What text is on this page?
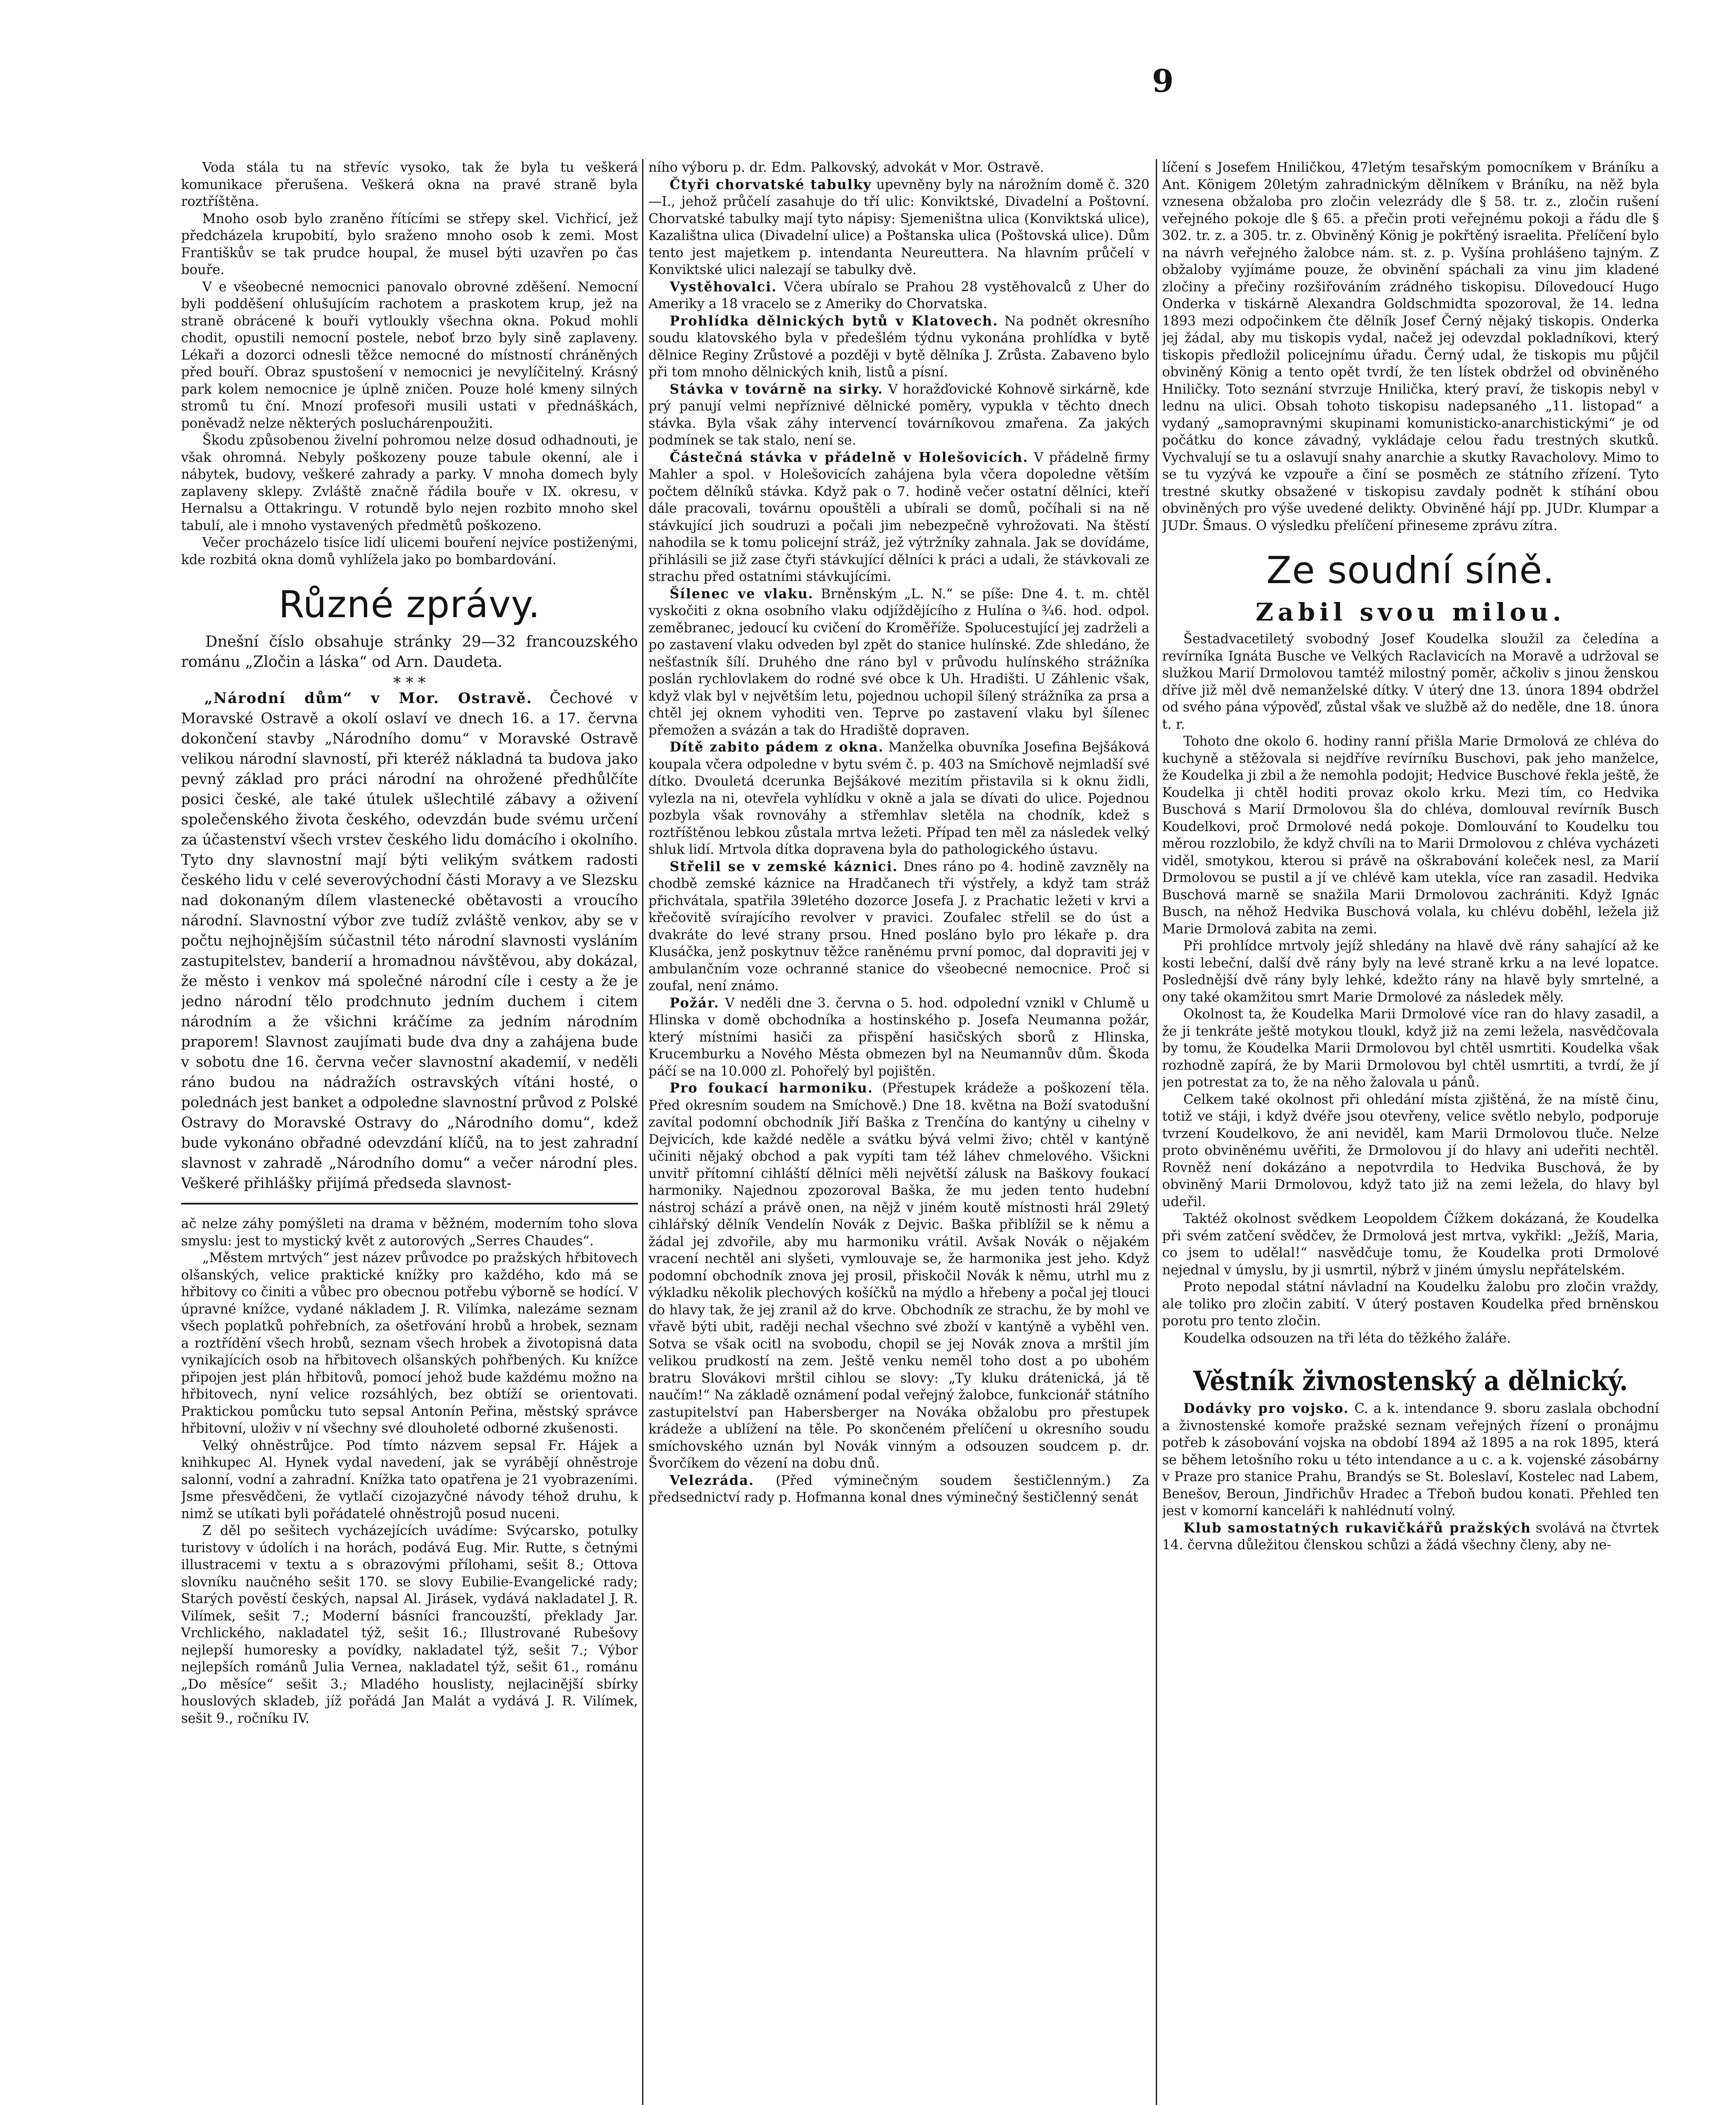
9

Voda stála tu na střevíc vysoko, tak že byla tu veškerá komunikace přerušena. Veškerá okna na pravé straně byla roztříštěna.

Mnoho osob bylo zraněno řítícími se střepy skel. Vichřicí, jež předcházela krupobití, bylo sraženo mnoho osob k zemi. Most Františkův se tak prudce houpal, že musel býti uzavřen po čas bouře.

V e všeobecné nemocnici panovalo obrovné zděšení. Nemocní byli podděšení ohlušujícím rachotem a praskotem krup, jež na straně obrácené k bouři vytloukly všechna okna. Pokud mohli chodit, opustili nemocní postele, neboť brzo byly sině zaplaveny. Lékaři a dozorci odnesli těžce nemocné do místností chráněných před bouří. Obraz spustošení v nemocnici je nevylíčitelný. Krásný park kolem nemocnice je úplně zničen. Pouze holé kmeny silných stromů tu ční. Mnozí profesoři musili ustati v přednáškách, poněvadž nelze některých posluchárenpoužiti.

Škodu způsobenou živelní pohromou nelze dosud odhadnouti, je však ohromná. Nebyly poškozeny pouze tabule okenní, ale i nábytek, budovy, veškeré zahrady a parky. V mnoha domech byly zaplaveny sklepy. Zvláště značně řádila bouře v IX. okresu, v Hernalsu a Ottakringu. V rotundě bylo nejen rozbito mnoho skel tabulí, ale i mnoho vystavených předmětů poškozeno.

Večer procházelo tisíce lidí ulicemi bouření nejvíce postiženými, kde rozbitá okna domů vyhlížela jako po bombardování.

Různé zprávy.

Dnešní číslo obsahuje stránky 29—32 francouzského románu „Zločin a láska“ od Arn. Daudeta.

* * *

„Národní dům“ v Mor. Ostravě. Čechové v Moravské Ostravě a okolí oslaví ve dnech 16. a 17. června dokončení stavby „Národního domu“ v Moravské Ostravě velikou národní slavností, při kteréž nákladná ta budova jako pevný základ pro práci národní na ohrožené předhůlčíte posici české, ale také útulek ušlechtilé zábavy a oživení společenského života českého, odevzdán bude svému určení za účastenství všech vrstev českého lidu domácího i okolního. Tyto dny slavnostní mají býti velikým svátkem radosti českého lidu v celé severovýchodní části Moravy a ve Slezsku nad dokonaným dílem vlastenecké obětavosti a vroucího národní. Slavnostní výbor zve tudíž zvláště venkov, aby se v počtu nejhojnějším súčastnil této národní slavnosti vysláním zastupitelstev, banderií a hromadnou návštěvou, aby dokázal, že město i venkov má společné národní cíle i cesty a že je jedno národní tělo prodchnuto jedním duchem i citem národním a že všichni kráčíme za jedním národním praporem! Slavnost zaujímati bude dva dny a zahájena bude v sobotu dne 16. června večer slavnostní akademií, v neděli ráno budou na nádražích ostravských vítáni hosté, o polednách jest banket a odpoledne slavnostní průvod z Polské Ostravy do Moravské Ostravy do „Národního domu“, kdež bude vykonáno obřadné odevzdání klíčů, na to jest zahradní slavnost v zahradě „Národního domu“ a večer národní ples. Veškeré přihlášky přijímá předseda slavnost-

ač nelze záhy pomýšleti na drama v běžném, moderním toho slova smyslu: jest to mystický květ z autorových „Serres Chaudes“.

„Městem mrtvých“ jest název průvodce po pražských hřbitovech olšanských, velice praktické knížky pro každého, kdo má se hřbitovy co činiti a vůbec pro obecnou potřebu výborně se hodící. V úpravné knížce, vydané nákladem J. R. Vilímka, nalezáme seznam všech poplatků pohřebních, za ošetřování hrobů a hrobek, seznam a roztřídění všech hrobů, seznam všech hrobek a životopisná data vynikajících osob na hřbitovech olšanských pohřbených. Ku knížce připojen jest plán hřbitovů, pomocí jehož bude každému možno na hřbitovech, nyní velice rozsáhlých, bez obtíží se orientovati. Praktickou pomůcku tuto sepsal Antonín Peřina, městský správce hřbitovní, uloživ v ní všechny své dlouholeté odborné zkušenosti.

Velký ohněstrůjce. Pod tímto názvem sepsal Fr. Hájek a knihkupec Al. Hynek vydal navedení, jak se vyrábějí ohněstroje salonní, vodní a zahradní. Knížka tato opatřena je 21 vyobrazeními. Jsme přesvědčeni, že vytlačí cizojazyčné návody téhož druhu, k nimž se utíkati byli pořádatelé ohněstrojů posud nuceni.

Z děl po sešitech vycházejících uvádíme: Svýcarsko, potulky turistovy v údolích i na horách, podává Eug. Mir. Rutte, s četnými illustracemi v textu a s obrazovými přílohami, sešit 8.; Ottova slovníku naučného sešit 170. se slovy Eubilie-Evangelické rady; Starých pověstí českých, napsal Al. Jirásek, vydává nakladatel J. R. Vilímek, sešit 7.; Moderní básníci francouzští, překlady Jar. Vrchlického, nakladatel týž, sešit 16.; Illustrované Rubešovy nejlepší humoresky a povídky, nakladatel týž, sešit 7.; Výbor nejlepších románů Julia Vernea, nakladatel týž, sešit 61., románu „Do měsíce“ sešit 3.; Mladého houslisty, nejlacinější sbírky houslových skladeb, jíž pořádá Jan Malát a vydává J. R. Vilímek, sešit 9., ročníku IV.

ního výboru p. dr. Edm. Palkovský, advokát v Mor. Ostravě.

Čtyři chorvatské tabulky upevněny byly na nárožním domě č. 320—I., jehož průčelí zasahuje do tří ulic: Konviktské, Divadelní a Poštovní. Chorvatské tabulky mají tyto nápisy: Sjemeništna ulica (Konviktská ulice), Kazalištna ulica (Divadelní ulice) a Poštanska ulica (Poštovská ulice). Dům tento jest majetkem p. intendanta Neureuttera. Na hlavním průčelí v Konviktské ulici nalezají se tabulky dvě.

Vystěhovalci. Včera ubíralo se Prahou 28 vystěhovalců z Uher do Ameriky a 18 vracelo se z Ameriky do Chorvatska.

Prohlídka dělnických bytů v Klatovech. Na podnět okresního soudu klatovského byla v předešlém týdnu vykonána prohlídka v bytě dělnice Reginy Zrůstové a později v bytě dělníka J. Zrůsta. Zabaveno bylo při tom mnoho dělnických knih, listů a písní.

Stávka v továrně na sirky. V horažďovické Kohnově sirkárně, kde prý panují velmi nepříznivé dělnické poměry, vypukla v těchto dnech stávka. Byla však záhy intervencí továrníkovou zmařena. Za jakých podmínek se tak stalo, není se.

Částečná stávka v přádelně v Holešovicích. V přádelně firmy Mahler a spol. v Holešovicích zahájena byla včera dopoledne větším počtem dělníků stávka. Když pak o 7. hodině večer ostatní dělníci, kteří dále pracovali, továrnu opouštěli a ubírali se domů, počíhali si na ně stávkující jich soudruzi a počali jim nebezpečně vyhrožovati. Na štěstí nahodila se k tomu policejní stráž, jež výtržníky zahnala. Jak se dovídáme, přihlásili se již zase čtyři stávkující dělníci k práci a udali, že stávkovali ze strachu před ostatními stávkujícími.

Šílenec ve vlaku. Brněnským „L. N.“ se píše: Dne 4. t. m. chtěl vyskočiti z okna osobního vlaku odjíždějícího z Hulína o ¾6. hod. odpol. zeměbranec, jedoucí ku cvičení do Kroměříže. Spolucestující jej zadrželi a po zastavení vlaku odveden byl zpět do stanice hulínské. Zde shledáno, že nešťastník šílí. Druhého dne ráno byl v průvodu hulínského strážníka poslán rychlovlakem do rodné své obce k Uh. Hradišti. U Záhlenic však, když vlak byl v největším letu, pojednou uchopil šílený strážníka za prsa a chtěl jej oknem vyhoditi ven. Teprve po zastavení vlaku byl šílenec přemožen a svázán a tak do Hradiště dopraven.

Dítě zabito pádem z okna. Manželka obuvníka Josefina Bejšáková koupala včera odpoledne v bytu svém č. p. 403 na Smíchově nejmladší své dítko. Dvouletá dcerunka Bejšákové mezitím přistavila si k oknu židli, vylezla na ni, otevřela vyhlídku v okně a jala se dívati do ulice. Pojednou pozbyla však rovnováhy a střemhlav sletěla na chodník, kdež s roztříštěnou lebkou zůstala mrtva ležeti. Případ ten měl za následek velký shluk lidí. Mrtvola dítka dopravena byla do pathologického ústavu.

Střelil se v zemské káznici. Dnes ráno po 4. hodině zavzněly na chodbě zemské káznice na Hradčanech tři výstřely, a když tam stráž přichvátala, spatřila 39letého dozorce Josefa J. z Prachatic ležeti v krvi a křečovitě svírajícího revolver v pravici. Zoufalec střelil se do úst a dvakráte do levé strany prsou. Hned posláno bylo pro lékaře p. dra Klusáčka, jenž poskytnuv těžce raněnému první pomoc, dal dopraviti jej v ambulančním voze ochranné stanice do všeobecné nemocnice. Proč si zoufal, není známo.

Požár. V neděli dne 3. června o 5. hod. odpolední vznikl v Chlumě u Hlinska v domě obchodníka a hostinského p. Josefa Neumanna požár, který místními hasiči za přispění hasičských sborů z Hlinska, Krucemburku a Nového Města obmezen byl na Neumannův dům. Škoda páčí se na 10.000 zl. Pohořelý byl pojištěn.

Pro foukací harmoniku. (Přestupek krádeže a poškození těla. Před okresním soudem na Smíchově.) Dne 18. května na Boží svatodušní zavítal podomní obchodník Jiří Baška z Trenčína do kantýny u cihelny v Dejvicích, kde každé neděle a svátku bývá velmi živo; chtěl v kantýně učiniti nějaký obchod a pak vypíti tam též láhev chmelového. Všickni unvitř přítomní cihláští dělníci měli největší zálusk na Baškovy foukací harmoniky. Najednou zpozoroval Baška, že mu jeden tento hudební nástroj schází a právě onen, na nějž v jiném koutě místnosti hrál 29letý cihlářský dělník Vendelín Novák z Dejvic. Baška přiblížil se k němu a žádal jej zdvořile, aby mu harmoniku vrátil. Avšak Novák o nějakém vracení nechtěl ani slyšeti, vymlouvaje se, že harmonika jest jeho. Když podomní obchodník znova jej prosil, přiskočil Novák k němu, utrhl mu z výkladku několik plechových košíčků na mýdlo a hřebeny a počal jej tlouci do hlavy tak, že jej zranil až do krve. Obchodník ze strachu, že by mohl ve vřavě býti ubit, raději nechal všechno své zboží v kantýně a vyběhl ven. Sotva se však ocitl na svobodu, chopil se jej Novák znova a mrštil jím velikou prudkostí na zem. Ještě venku neměl toho dost a po ubohém bratru Slovákovi mrštil cihlou se slovy: „Ty kluku drátenická, já tě naučím!“ Na základě oznámení podal veřejný žalobce, funkcionář státního zastupitelství pan Habersberger na Nováka obžalobu pro přestupek krádeže a ublížení na těle. Po skončeném přelíčení u okresního soudu smíchovského uznán byl Novák vinným a odsouzen soudcem p. dr. Švorčíkem do vězení na dobu dnů.

Velezráda. (Před výminečným soudem šestičlenným.) Za předsednictví rady p. Hofmanna konal dnes výminečný šestičlenný senát

líčení s Josefem Hniličkou, 47letým tesařským pomocníkem v Bráníku a Ant. Königem 20letým zahradnickým dělníkem v Bráníku, na něž byla vznesena obžaloba pro zločin velezrády dle § 58. tr. z., zločin rušení veřejného pokoje dle § 65. a přečin proti veřejnému pokoji a řádu dle § 302. tr. z. a 305. tr. z. Obviněný König je pokřtěný israelita. Přelíčení bylo na návrh veřejného žalobce nám. st. z. p. Vyšína prohlášeno tajným. Z obžaloby vyjímáme pouze, že obvinění spáchali za vinu jim kladené zločiny a přečiny rozšiřováním zrádného tiskopisu. Dílovedoucí Hugo Onderka v tiskárně Alexandra Goldschmidta spozoroval, že 14. ledna 1893 mezi odpočinkem čte dělník Josef Černý nějaký tiskopis. Onderka jej žádal, aby mu tiskopis vydal, načež jej odevzdal pokladníkovi, který tiskopis předložil policejnímu úřadu. Černý udal, že tiskopis mu půjčil obviněný König a tento opět tvrdí, že ten lístek obdržel od obviněného Hniličky. Toto seznání stvrzuje Hnilička, který praví, že tiskopis nebyl v lednu na ulici. Obsah tohoto tiskopisu nadepsaného „11. listopad“ a vydaný „samopravnými skupinami komunisticko-anarchistickými“ je od počátku do konce závadný, vykládaje celou řadu trestných skutků. Vychvalují se tu a oslavují snahy anarchie a skutky Ravacholovy. Mimo to se tu vyzývá ke vzpouře a činí se posměch ze státního zřízení. Tyto trestné skutky obsažené v tiskopisu zavdaly podnět k stíhání obou obviněných pro výše uvedené delikty. Obviněné hájí pp. JUDr. Klumpar a JUDr. Šmaus. O výsledku přelíčení přineseme zprávu zítra.

Ze soudní síně.
Zabil svou milou.

Šestadvacetiletý svobodný Josef Koudelka sloužil za čeledína a revírníka Ignáta Busche ve Velkých Raclavicích na Moravě a udržoval se služkou Marií Drmolovou tamtéž milostný poměr, ačkoliv s jinou ženskou dříve již měl dvě nemanželské dítky. V úterý dne 13. února 1894 obdržel od svého pána výpověď, zůstal však ve službě až do neděle, dne 18. února t. r.

Tohoto dne okolo 6. hodiny ranní přišla Marie Drmolová ze chléva do kuchyně a stěžovala si nejdříve revírníku Buschovi, pak jeho manželce, že Koudelka ji zbil a že nemohla podojit; Hedvice Buschové řekla ještě, že Koudelka ji chtěl hoditi provaz okolo krku. Mezi tím, co Hedvika Buschová s Marií Drmolovou šla do chléva, domlouval revírník Busch Koudelkovi, proč Drmolové nedá pokoje. Domlouvání to Koudelku tou měrou rozzlobilo, že když chvíli na to Marii Drmolovou z chléva vycházeti viděl, smotykou, kterou si právě na oškrabování koleček nesl, za Marií Drmolovou se pustil a jí ve chlévě kam utekla, více ran zasadil. Hedvika Buschová marně se snažila Marii Drmolovou zachrániti. Když Ignác Busch, na něhož Hedvika Buschová volala, ku chlévu doběhl, ležela již Marie Drmolová zabita na zemi.

Při prohlídce mrtvoly jejíž shledány na hlavě dvě rány sahající až ke kosti lebeční, další dvě rány byly na levé straně krku a na levé lopatce. Poslednější dvě rány byly lehké, kdežto rány na hlavě byly smrtelné, a ony také okamžitou smrt Marie Drmolové za následek měly.

Okolnost ta, že Koudelka Marii Drmolové více ran do hlavy zasadil, a že ji tenkráte ještě motykou tloukl, když již na zemi ležela, nasvědčovala by tomu, že Koudelka Marii Drmolovou byl chtěl usmrtiti. Koudelka však rozhodně zapírá, že by Marii Drmolovou byl chtěl usmrtiti, a tvrdí, že jí jen potrestat za to, že na něho žalovala u pánů.

Celkem také okolnost při ohledání místa zjištěná, že na místě činu, totiž ve stáji, i když dvéře jsou otevřeny, velice světlo nebylo, podporuje tvrzení Koudelkovo, že ani neviděl, kam Marii Drmolovou tluče. Nelze proto obviněnému uvěřiti, že Drmolovou jí do hlavy ani udeřiti nechtěl. Rovněž není dokázáno a nepotvrdila to Hedvika Buschová, že by obviněný Marii Drmolovou, když tato již na zemi ležela, do hlavy byl udeřil.

Taktéž okolnost svědkem Leopoldem Čížkem dokázaná, že Koudelka při svém zatčení svědčev, že Drmolová jest mrtva, vykřikl: „Ježíš, Maria, co jsem to udělal!“ nasvědčuje tomu, že Koudelka proti Drmolové nejednal v úmyslu, by ji usmrtil, nýbrž v jiném úmyslu nepřátelském.

Proto nepodal státní návladní na Koudelku žalobu pro zločin vraždy, ale toliko pro zločin zabití. V úterý postaven Koudelka před brněnskou porotu pro tento zločin.

Koudelka odsouzen na tři léta do těžkého žaláře.

Věstník živnostenský a dělnický.

Dodávky pro vojsko. C. a k. intendance 9. sboru zaslala obchodní a živnostenské komoře pražské seznam veřejných řízení o pronájmu potřeb k zásobování vojska na období 1894 až 1895 a na rok 1895, která se během letošního roku u této intendance a u c. a k. vojenské zásobárny v Praze pro stanice Prahu, Brandýs se St. Boleslaví, Kostelec nad Labem, Benešov, Beroun, Jindřichův Hradec a Třeboň budou konati. Přehled ten jest v komorní kanceláři k nahlédnutí volný.

Klub samostatných rukavičkářů pražských svolává na čtvrtek 14. června důležitou členskou schůzi a žádá všechny členy, aby ne-
